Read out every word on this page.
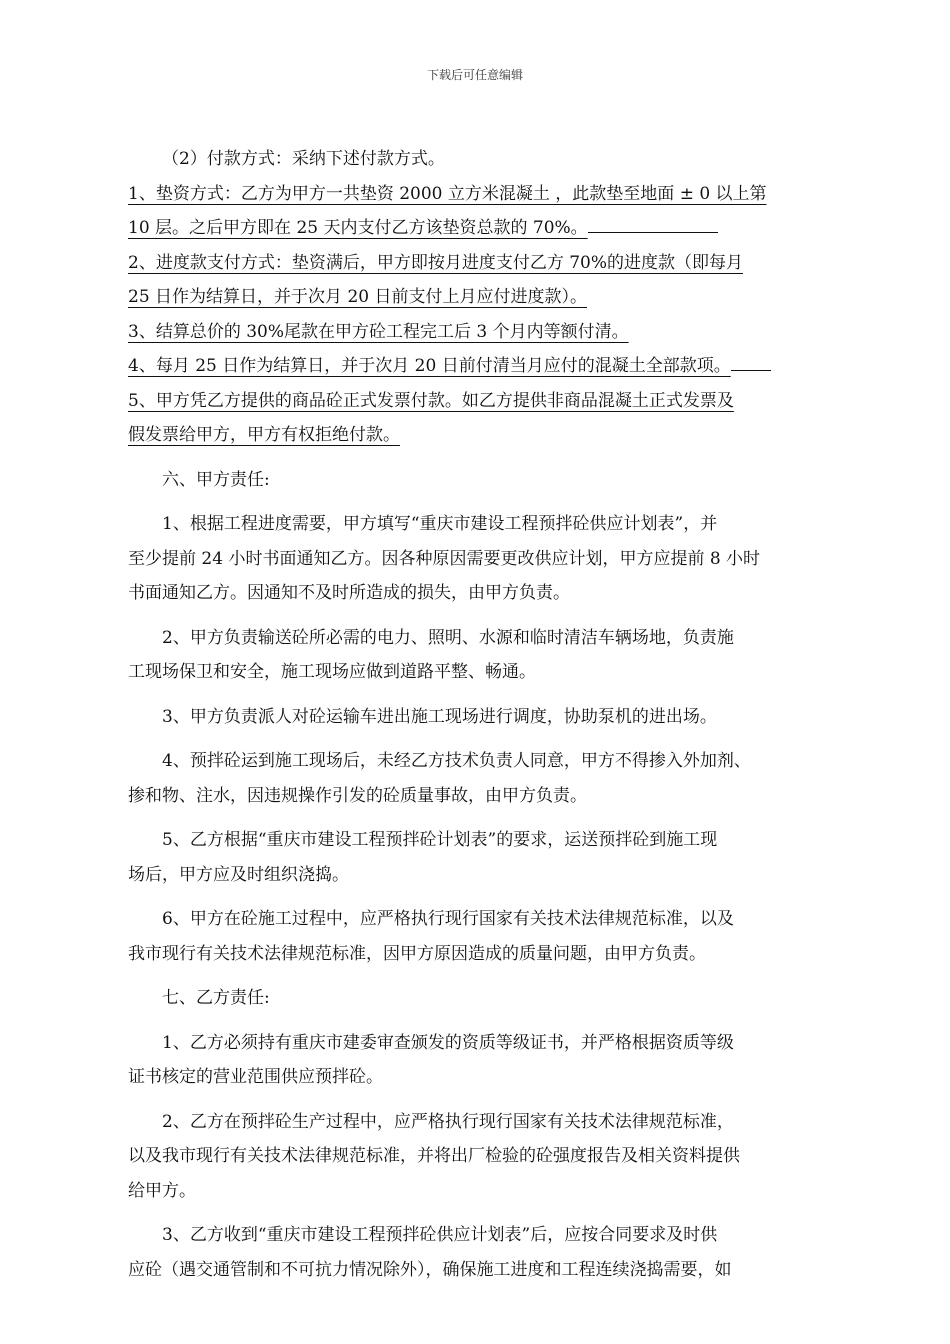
下载后可任意编辑
（2）付款方式：采纳下述付款方式。
1、垫资方式：乙方为甲方一共垫资 2000 立方米混凝土 ，此款垫至地面 ± 0 以上第
10 层。之后甲方即在 25 天内支付乙方该垫资总款的 70%。
2、进度款支付方式：垫资满后，甲方即按月进度支付乙方 70%的进度款（即每月
25 日作为结算日，并于次月 20 日前支付上月应付进度款）。
3、结算总价的 30%尾款在甲方砼工程完工后 3 个月内等额付清。
4、每月 25 日作为结算日，并于次月 20 日前付清当月应付的混凝土全部款项。
5、甲方凭乙方提供的商品砼正式发票付款。如乙方提供非商品混凝土正式发票及
假发票给甲方，甲方有权拒绝付款。
六、甲方责任:
1、根据工程进度需要，甲方填写“重庆市建设工程预拌砼供应计划表”，并
至少提前 24 小时书面通知乙方。因各种原因需要更改供应计划，甲方应提前 8 小时
书面通知乙方。因通知不及时所造成的损失，由甲方负责。
2、甲方负责输送砼所必需的电力、照明、水源和临时清洁车辆场地，负责施
工现场保卫和安全，施工现场应做到道路平整、畅通。
3、甲方负责派人对砼运输车进出施工现场进行调度，协助泵机的进出场。
4、预拌砼运到施工现场后，未经乙方技术负责人同意，甲方不得掺入外加剂、
掺和物、注水，因违规操作引发的砼质量事故，由甲方负责。
5、乙方根据“重庆市建设工程预拌砼计划表”的要求，运送预拌砼到施工现
场后，甲方应及时组织浇捣。
6、甲方在砼施工过程中，应严格执行现行国家有关技术法律规范标准，以及
我市现行有关技术法律规范标准，因甲方原因造成的质量问题，由甲方负责。
七、乙方责任:
1、乙方必须持有重庆市建委审查颁发的资质等级证书，并严格根据资质等级
证书核定的营业范围供应预拌砼。
2、乙方在预拌砼生产过程中，应严格执行现行国家有关技术法律规范标准，
以及我市现行有关技术法律规范标准，并将出厂检验的砼强度报告及相关资料提供
给甲方。
3、乙方收到“重庆市建设工程预拌砼供应计划表”后，应按合同要求及时供
应砼（遇交通管制和不可抗力情况除外），确保施工进度和工程连续浇捣需要，如
